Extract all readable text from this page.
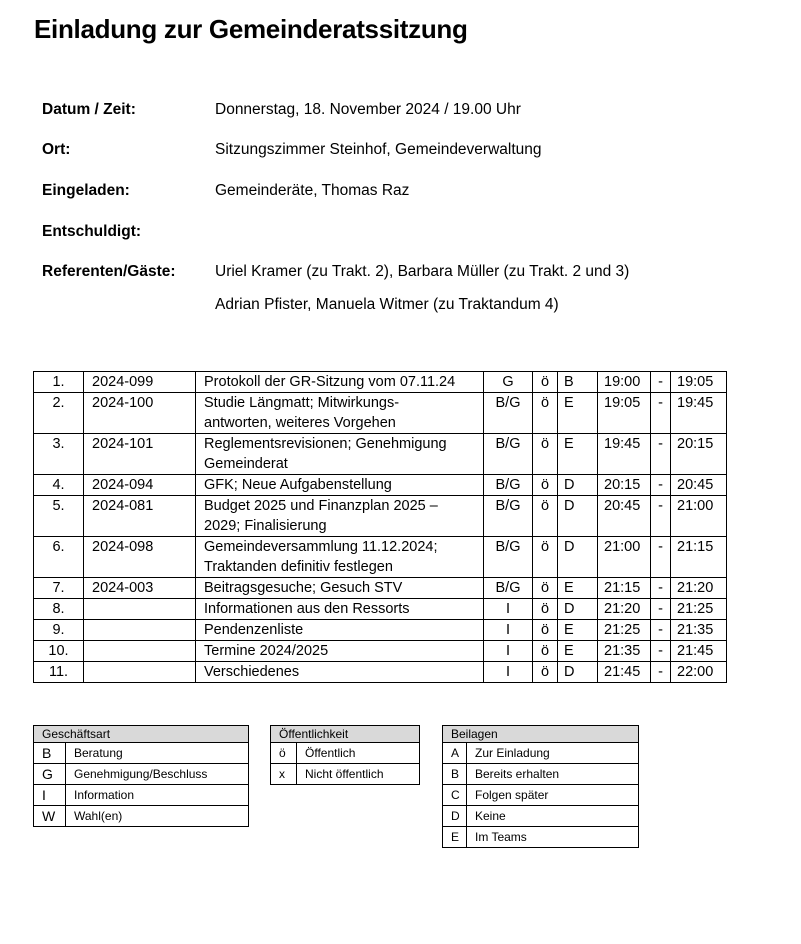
Einladung zur Gemeinderatssitzung
Datum / Zeit:	Donnerstag, 18. November 2024 / 19.00 Uhr
Ort:	Sitzungszimmer Steinhof, Gemeindeverwaltung
Eingeladen:	Gemeinderäte, Thomas Raz
Entschuldigt:
Referenten/Gäste:	Uriel Kramer (zu Trakt. 2), Barbara Müller (zu Trakt. 2 und 3)
Adrian Pfister, Manuela Witmer (zu Traktandum 4)
1.	2024-099	Protokoll der GR-Sitzung vom 07.11.24	G	ö	B	19:00	-	19:05
2.	2024-100	Studie Längmatt; Mitwirkungs-
antworten, weiteres Vorgehen	B/G	ö	E	19:05	-	19:45
3.	2024-101	Reglementsrevisionen; Genehmigung
Gemeinderat	B/G	ö	E	19:45	-	20:15
4.	2024-094	GFK; Neue Aufgabenstellung	B/G	ö	D	20:15	-	20:45
5.	2024-081	Budget 2025 und Finanzplan 2025 –
2029; Finalisierung	B/G	ö	D	20:45	-	21:00
6.	2024-098	Gemeindeversammlung 11.12.2024;
Traktanden definitiv festlegen	B/G	ö	D	21:00	-	21:15
7.	2024-003	Beitragsgesuche; Gesuch STV	B/G	ö	E	21:15	-	21:20
8.		Informationen aus den Ressorts	I	ö	D	21:20	-	21:25
9.		Pendenzenliste	I	ö	E	21:25	-	21:35
10.		Termine 2024/2025	I	ö	E	21:35	-	21:45
11.		Verschiedenes	I	ö	D	21:45	-	22:00
Geschäftsart	
B	Beratung
G	Genehmigung/Beschluss
I	Information
W	Wahl(en)
Öffentlichkeit	
ö	Öffentlich
x	Nicht öffentlich
Beilagen	
A	Zur Einladung
B	Bereits erhalten
C	Folgen später
D	Keine
E	Im Teams
